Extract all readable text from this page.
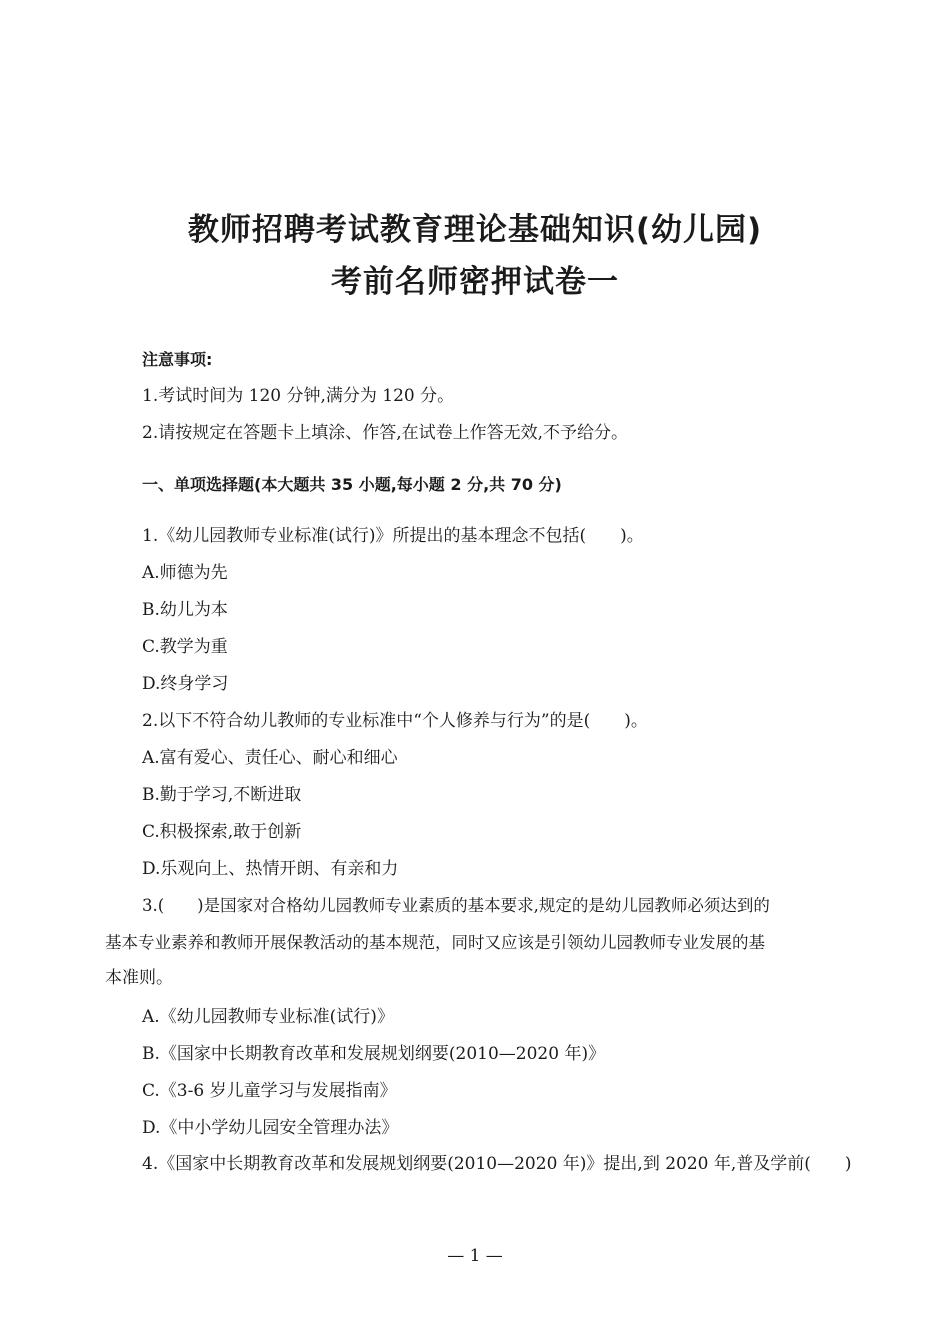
教师招聘考试教育理论基础知识(幼儿园)
考前名师密押试卷一
注意事项:
1.考试时间为 120 分钟,满分为 120 分。
2.请按规定在答题卡上填涂、作答,在试卷上作答无效,不予给分。
一、单项选择题(本大题共 35 小题,每小题 2 分,共 70 分)
1.《幼儿园教师专业标准(试行)》所提出的基本理念不包括(　　)。
A.师德为先
B.幼儿为本
C.教学为重
D.终身学习
2.以下不符合幼儿教师的专业标准中“个人修养与行为”的是(　　)。
A.富有爱心、责任心、耐心和细心
B.勤于学习,不断进取
C.积极探索,敢于创新
D.乐观向上、热情开朗、有亲和力
3.(　　)是国家对合格幼儿园教师专业素质的基本要求,规定的是幼儿园教师必须达到的
基本专业素养和教师开展保教活动的基本规范，同时又应该是引领幼儿园教师专业发展的基
本准则。
A.《幼儿园教师专业标准(试行)》
B.《国家中长期教育改革和发展规划纲要(2010—2020 年)》
C.《3-6 岁儿童学习与发展指南》
D.《中小学幼儿园安全管理办法》
4.《国家中长期教育改革和发展规划纲要(2010—2020 年)》提出,到 2020 年,普及学前(　　)
— 1 —
